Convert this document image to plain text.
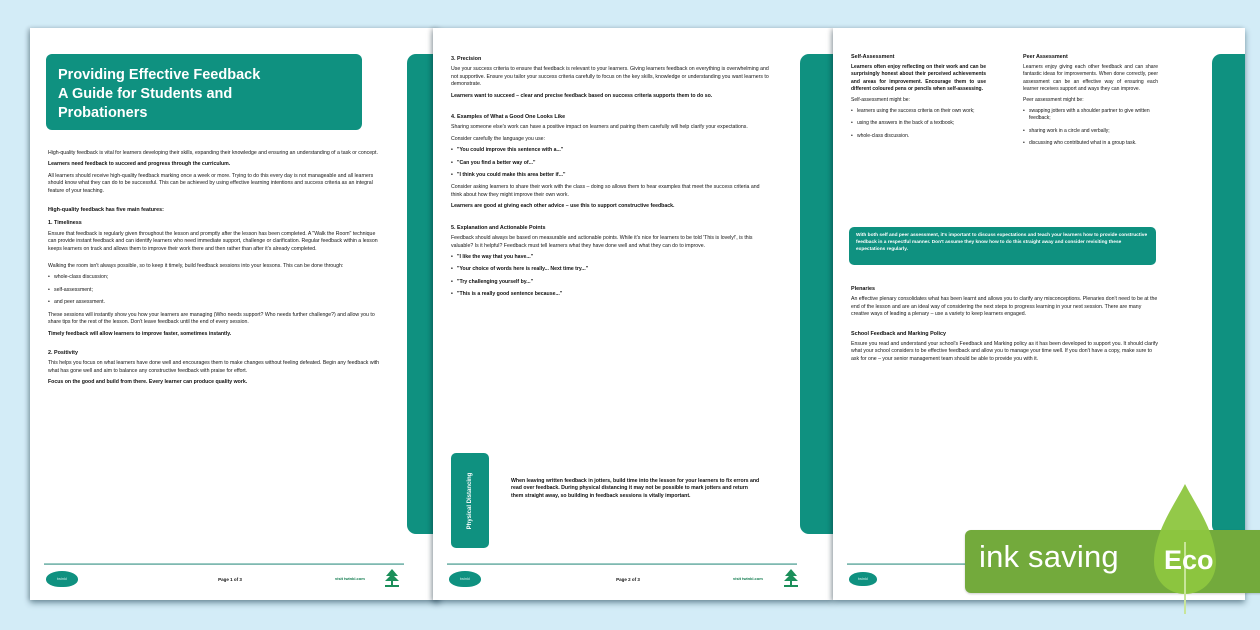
Providing Effective Feedback
A Guide for Students and
Probationers

High-quality feedback is vital for learners developing their skills, expanding their knowledge and ensuring an understanding of a task or concept.

Learners need feedback to succeed and progress through the curriculum.

All learners should receive high-quality feedback marking once a week or more. Trying to do this every day is not manageable and all learners should know what they can do to be successful. This can be achieved by using effective learning intentions and success criteria as an integral feature of your teaching.

High-quality feedback has five main features:
1. Timeliness

Ensure that feedback is regularly given throughout the lesson and promptly after the lesson has been completed. A "Walk the Room" technique can provide instant feedback and can identify learners who need immediate support, challenge or clarification. Regular feedback within a lesson keeps learners on track and allows them to improve their work there and then rather than after it's already completed.

Walking the room isn't always possible, so to keep it timely, build feedback sessions into your lessons. This can be done through:

• whole-class discussion;
• self-assessment;
• and peer assessment.

These sessions will instantly show you how your learners are managing (Who needs support? Who needs further challenge?) and allow you to share tips for the rest of the lesson. Don't leave feedback until the end of every session.

Timely feedback will allow learners to improve faster, sometimes instantly.

2. Positivity

This helps you focus on what learners have done well and encourages them to make changes without feeling defeated. Begin any feedback with what has gone well and aim to balance any constructive feedback with praise for effort.

Focus on the good and build from there. Every learner can produce quality work.

twinkl	Page 1 of 3	visit twinkl.com
3. Precision

Use your success criteria to ensure that feedback is relevant to your learners. Giving learners feedback on everything is overwhelming and not supportive. Ensure you tailor your success criteria carefully to focus on the key skills, knowledge or understanding you want learners to demonstrate.

Learners want to succeed – clear and precise feedback based on success criteria supports them to do so.

4. Examples of What a Good One Looks Like

Sharing someone else's work can have a positive impact on learners and pairing them carefully will help clarify your expectations.

Consider carefully the language you use:

• "You could improve this sentence with a..."
• "Can you find a better way of..."
• "I think you could make this area better if..."

Consider asking learners to share their work with the class – doing so allows them to hear examples that meet the success criteria and think about how they might improve their own work.

Learners are good at giving each other advice – use this to support constructive feedback.

5. Explanation and Actionable Points

Feedback should always be based on measurable and actionable points. While it's nice for learners to be told 'This is lovely!', is this valuable? Is it helpful? Feedback must tell learners what they have done well and what they can do to improve.

• "I like the way that you have..."
• "Your choice of words here is really... Next time try..."
• "Try challenging yourself by..."
• "This is a really good sentence because..."
Physical Distancing	When leaving written feedback in jotters, build time into the lesson for your learners to fix errors and read over feedback. During physical distancing it may not be possible to mark jotters and return them straight away, so building in feedback sessions is vitally important.

twinkl	Page 2 of 3	visit twinkl.com
Self-Assessment

Learners often enjoy reflecting on their work and can be surprisingly honest about their perceived achievements and areas for improvement. Encourage them to use different coloured pens or pencils when self-assessing.

Self-assessment might be:

• learners using the success criteria on their own work;
• using the answers in the back of a textbook;
• whole-class discussion.
Peer Assessment

Learners enjoy giving each other feedback and can share fantastic ideas for improvements. When done correctly, peer assessment can be an effective way of ensuring each learner receives support and ways they can improve.

Peer assessment might be:

• swapping jotters with a shoulder partner to give written feedback;
• sharing work in a circle and verbally;
• discussing who contributed what in a group task.
With both self and peer assessment, it's important to discuss expectations and teach your learners how to provide constructive feedback in a respectful manner. Don't assume they know how to do this straight away and consider revisiting these expectations regularly.
Plenaries

An effective plenary consolidates what has been learnt and allows you to clarify any misconceptions. Plenaries don't need to be at the end of the lesson and are an ideal way of considering the next steps to progress learning in your next session. There are many creative ways of leading a plenary – use a variety to keep learners engaged.

School Feedback and Marking Policy

Ensure you read and understand your school's Feedback and Marking policy as it has been developed to support you. It should clarify what your school considers to be effective feedback and allow you to manage your time well. If you don't have a copy, make sure to ask for one – your senior management team should be able to provide you with it.

twinkl
ink saving Eco
